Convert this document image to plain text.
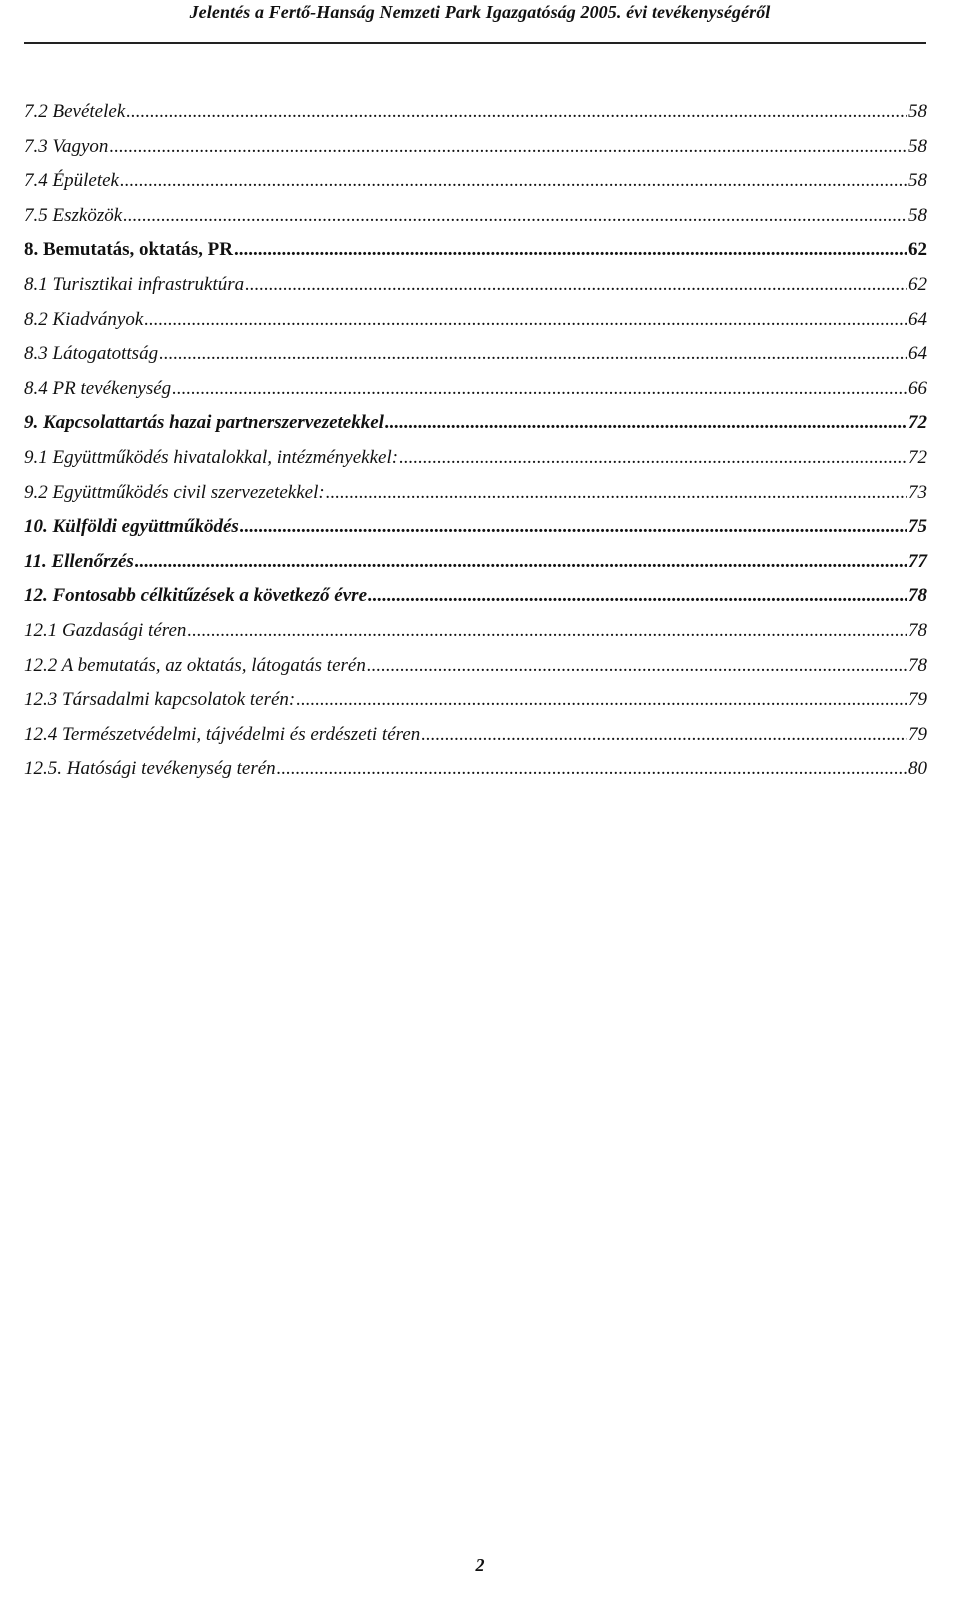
Jelentés a Fertő-Hanság Nemzeti Park Igazgatóság 2005. évi tevékenységéről
7.2 Bevételek .....	58
7.3 Vagyon .....	58
7.4 Épületek .....	58
7.5 Eszközök .....	58
8. Bemutatás, oktatás, PR .....	62
8.1 Turisztikai infrastruktúra .....	62
8.2 Kiadványok .....	64
8.3 Látogatottság .....	64
8.4 PR tevékenység .....	66
9. Kapcsolattartás hazai partnerszervezetekkel .....	72
9.1 Együttműködés hivatalokkal, intézményekkel: .....	72
9.2 Együttműködés civil szervezetekkel: .....	73
10. Külföldi együttműködés .....	75
11. Ellenőrzés .....	77
12. Fontosabb célkitűzések a következő évre .....	78
12.1 Gazdasági téren .....	78
12.2 A bemutatás, az oktatás, látogatás terén .....	78
12.3 Társadalmi kapcsolatok terén: .....	79
12.4 Természetvédelmi, tájvédelmi és erdészeti téren .....	79
12.5. Hatósági tevékenység terén .....	80
2
